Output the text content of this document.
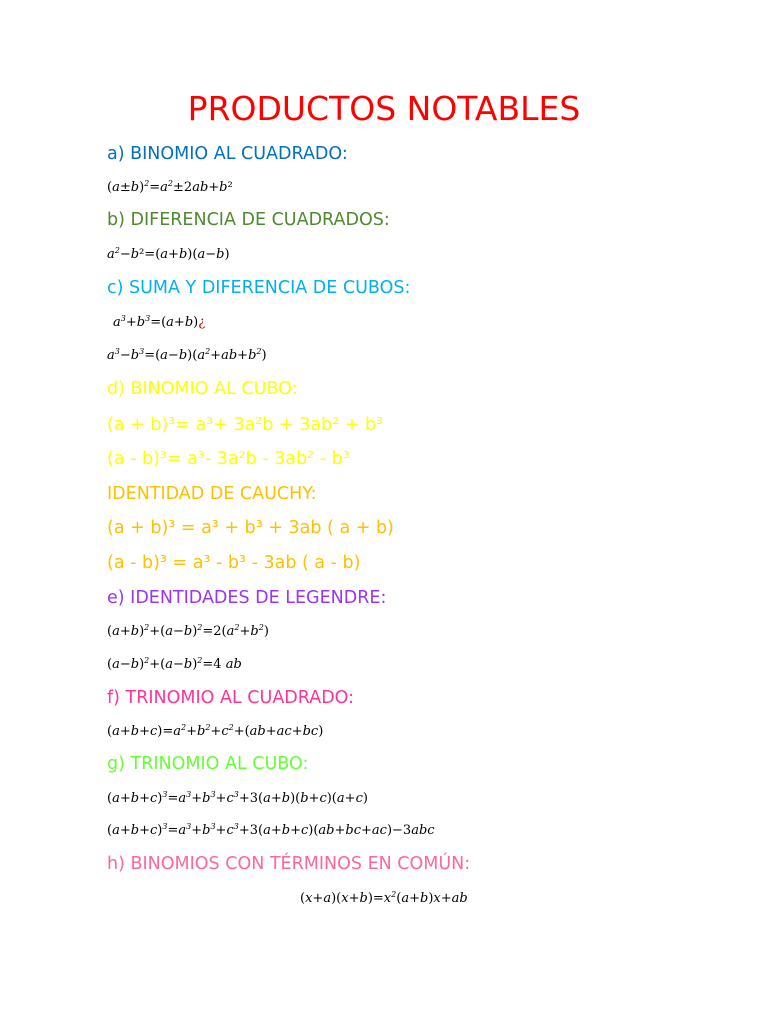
PRODUCTOS NOTABLES
a) BINOMIO AL CUADRADO:
$(a\pm b)^2=a^2\pm 2ab+b^2$
b) DIFERENCIA DE CUADRADOS:
$a^2-b^2=(a+b)(a-b)$
c) SUMA Y DIFERENCIA DE CUBOS:
$a^3+b^3=(a+b)¿$
$a^3-b^3=(a-b)(a^2+ab+b^2)$
d) BINOMIO AL CUBO:
(a + b)³= a³+ 3a²b + 3ab² + b³
(a - b)³= a³- 3a²b - 3ab² - b³
IDENTIDAD DE CAUCHY:
(a + b)³ = a³ + b³ + 3ab ( a + b)
(a - b)³ = a³ - b³ - 3ab ( a - b)
e) IDENTIDADES DE LEGENDRE:
$(a+b)^2+(a-b)^2=2(a^2+b^2)$
$(a-b)^2+(a-b)^2=4$ ab
f) TRINOMIO AL CUADRADO:
$(a+b+c)=a^2+b^2+c^2+(ab+ac+bc)$
g) TRINOMIO AL CUBO:
$(a+b+c)^3=a^3+b^3+c^3+3(a+b)(b+c)(a+c)$
$(a+b+c)^3=a^3+b^3+c^3+3(a+b+c)(ab+bc+ac)-3abc$
h) BINOMIOS CON TÉRMINOS EN COMÚN:
$(x+a)(x+b)=x^2(a+b)x+ab$
